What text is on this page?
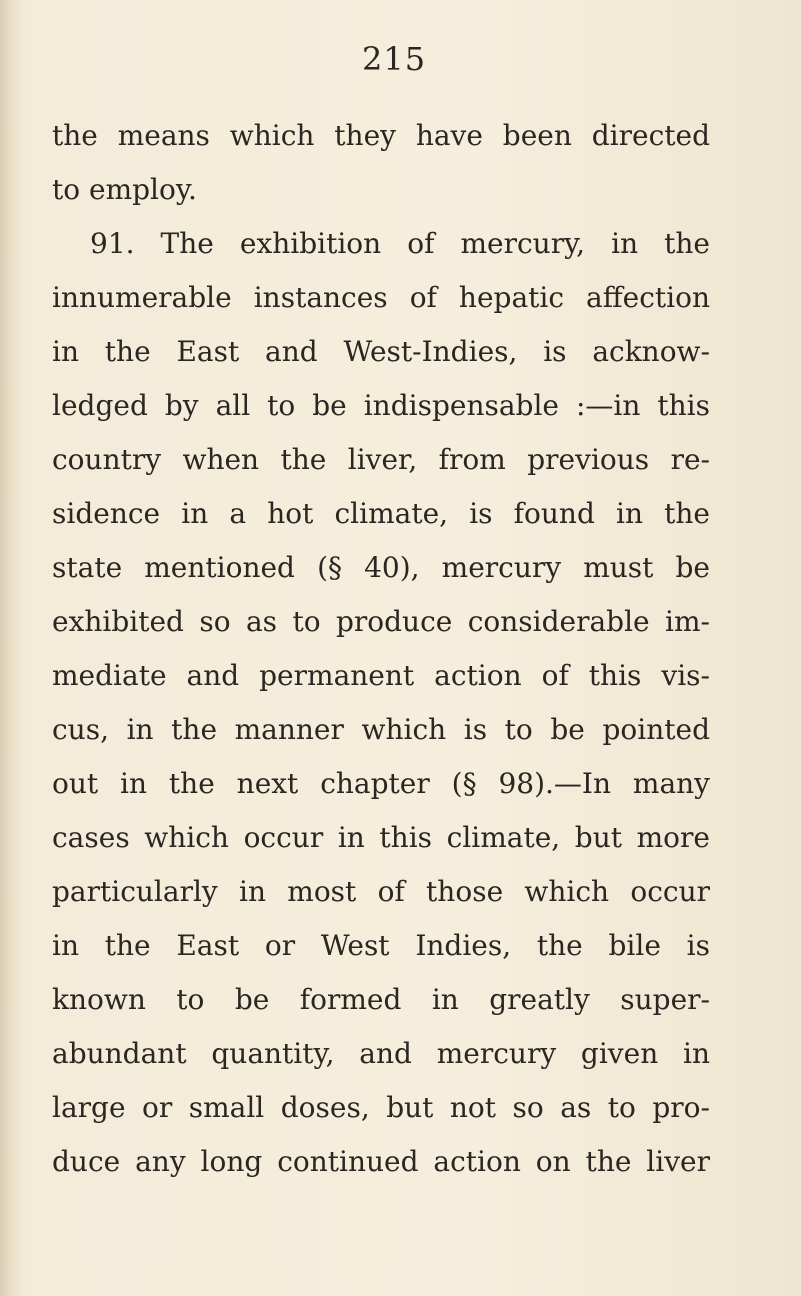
215
the means which they have been directed
to employ.
91. The exhibition of mercury, in the
innumerable instances of hepatic affection
in the East and West-Indies, is acknow-
ledged by all to be indispensable :—in this
country when the liver, from previous re-
sidence in a hot climate, is found in the
state mentioned (§ 40), mercury must be
exhibited so as to produce considerable im-
mediate and permanent action of this vis-
cus, in the manner which is to be pointed
out in the next chapter (§ 98).—In many
cases which occur in this climate, but more
particularly in most of those which occur
in the East or West Indies, the bile is
known to be formed in greatly super-
abundant quantity, and mercury given in
large or small doses, but not so as to pro-
duce any long continued action on the liver
